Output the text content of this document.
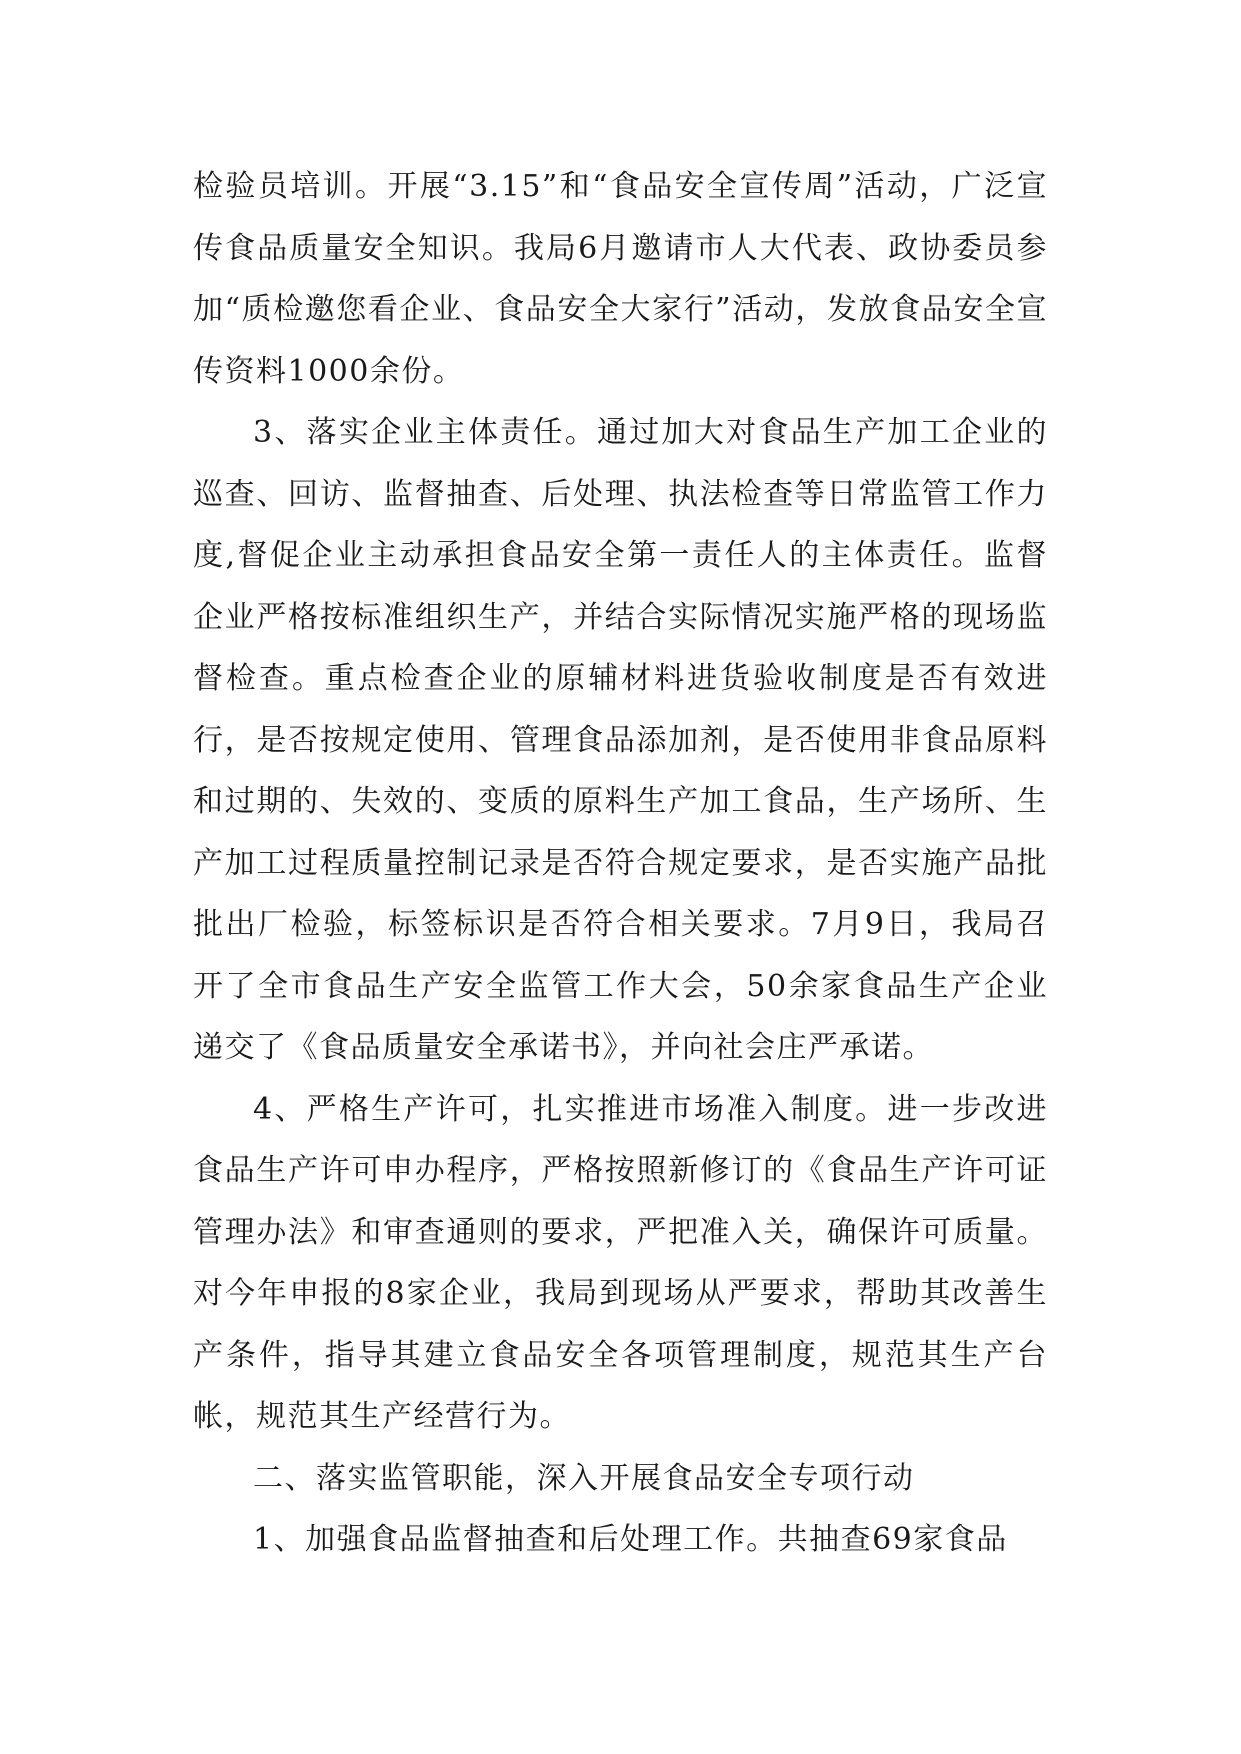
检验员培训。开展“3.15”和“食品安全宣传周”活动，广泛宣传食品质量安全知识。我局6月邀请市人大代表、政协委员参加“质检邀您看企业、食品安全大家行”活动，发放食品安全宣传资料1000余份。

3、落实企业主体责任。通过加大对食品生产加工企业的巡查、回访、监督抽查、后处理、执法检查等日常监管工作力度,督促企业主动承担食品安全第一责任人的主体责任。监督企业严格按标准组织生产，并结合实际情况实施严格的现场监督检查。重点检查企业的原辅材料进货验收制度是否有效进行，是否按规定使用、管理食品添加剂，是否使用非食品原料和过期的、失效的、变质的原料生产加工食品，生产场所、生产加工过程质量控制记录是否符合规定要求，是否实施产品批批出厂检验，标签标识是否符合相关要求。7月9日，我局召开了全市食品生产安全监管工作大会，50余家食品生产企业递交了《食品质量安全承诺书》，并向社会庄严承诺。

4、严格生产许可，扎实推进市场准入制度。进一步改进食品生产许可申办程序，严格按照新修订的《食品生产许可证管理办法》和审查通则的要求，严把准入关，确保许可质量。对今年申报的8家企业，我局到现场从严要求，帮助其改善生产条件，指导其建立食品安全各项管理制度，规范其生产台帐，规范其生产经营行为。

二、落实监管职能，深入开展食品安全专项行动

1、加强食品监督抽查和后处理工作。共抽查69家食品
